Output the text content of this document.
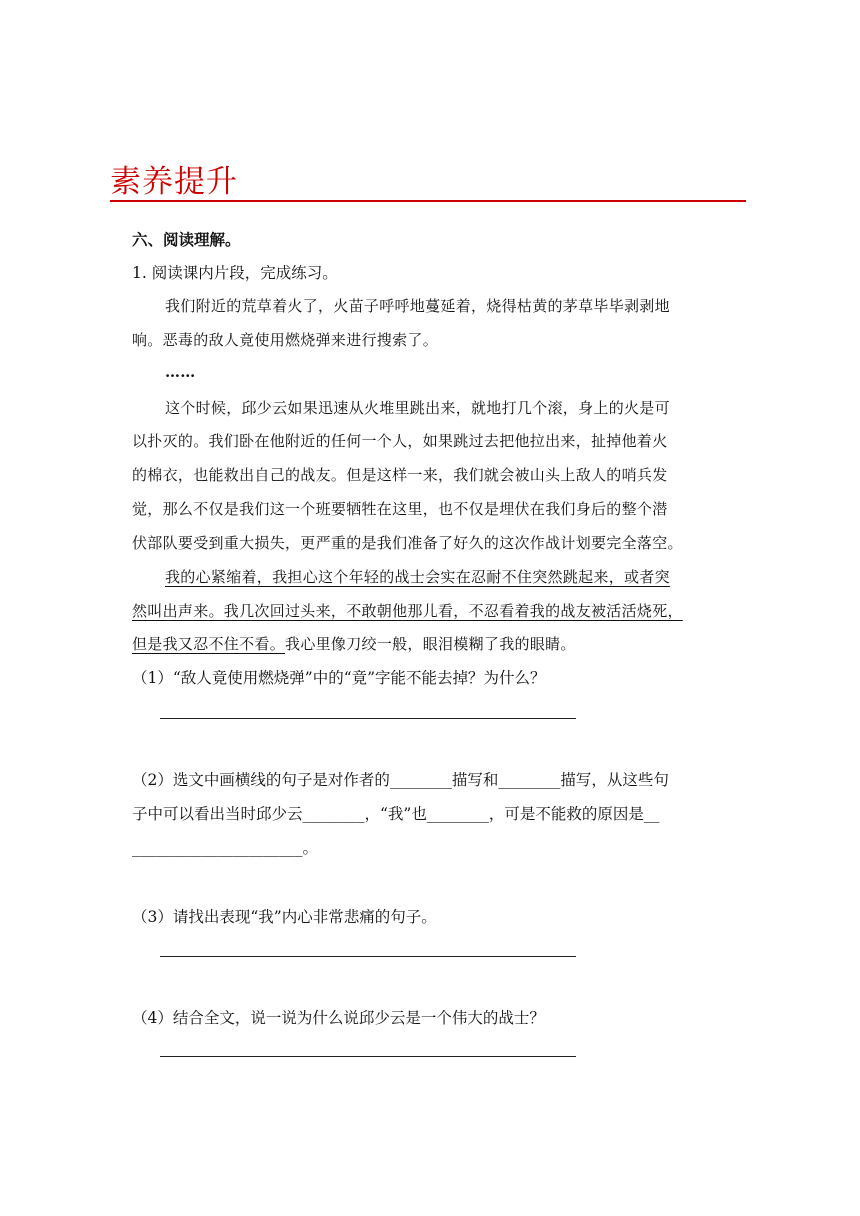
素养提升
六、阅读理解。
1. 阅读课内片段，完成练习。
我们附近的荒草着火了，火苗子呼呼地蔓延着，烧得枯黄的茅草毕毕剥剥地
响。恶毒的敌人竟使用燃烧弹来进行搜索了。
……
这个时候，邱少云如果迅速从火堆里跳出来，就地打几个滚，身上的火是可
以扑灭的。我们卧在他附近的任何一个人，如果跳过去把他拉出来，扯掉他着火
的棉衣，也能救出自己的战友。但是这样一来，我们就会被山头上敌人的哨兵发
觉，那么不仅是我们这一个班要牺牲在这里，也不仅是埋伏在我们身后的整个潜
伏部队要受到重大损失，更严重的是我们准备了好久的这次作战计划要完全落空。
我的心紧缩着，我担心这个年轻的战士会实在忍耐不住突然跳起来，或者突
然叫出声来。我几次回过头来，不敢朝他那儿看，不忍看着我的战友被活活烧死，
但是我又忍不住不看。我心里像刀绞一般，眼泪模糊了我的眼睛。
（1）“敌人竟使用燃烧弹”中的“竟”字能不能去掉？为什么？
（2）选文中画横线的句子是对作者的________描写和________描写，从这些句
子中可以看出当时邱少云________，“我”也________，可是不能救的原因是__
______________________。
（3）请找出表现“我”内心非常悲痛的句子。
（4）结合全文，说一说为什么说邱少云是一个伟大的战士？
